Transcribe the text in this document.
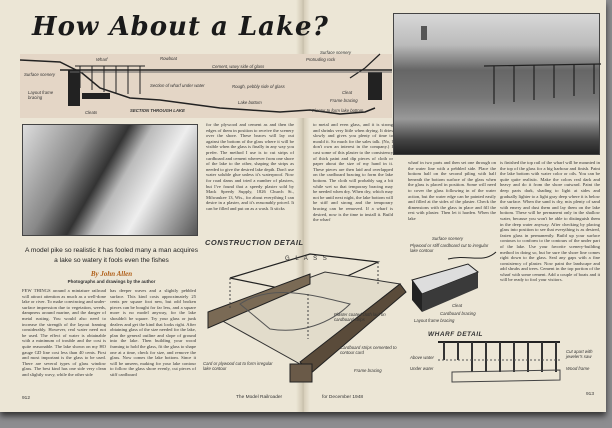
How About a Lake?
Wharf	Rowboat
Cement, wavy side of glass
Surface scenery
Section of wharf under water	Rough, pebbly side of glass
Layout frame bracing
Lake bottom
Cleats
Surface scenery
Protruding rock
Cleat
Frame bracing
Plaster to form lake bottom
SECTION THROUGH LAKE
A model pike so realistic it has fooled many a man acquires a lake so watery it fools even the fishes
By John Allen
Photographs and drawings by the author
FEW THINGS around a miniature railroad will attract attention as much as a well-done lake or river. To make convincing and under-surface impression due to vegetation, weeds, dampness around marine, and the danger of metal rusting. You would also need to increase the strength of the layout framing considerably. However, real water need not be used. The effect of water is obtainable with a minimum of trouble and the cost is quite reasonable. The lake shown on my HO gauge GD line cost less than 40 cents. First and most important is the glass to be used. There are several types of glass window glass. The best kind has one side very clean and slightly wavy, while the other side
has deeper waves and a slightly pebbled surface. This kind costs approximately 25 cents per square foot new, but odd broken pieces can be bought for far less, and a square more is no model anyway, for the lake shouldn't be square. Try your glass or junk dealers and get the kind that looks right. After obtaining glass of the size needed for the lake, plan the general outline and slope of ground into the lake. Then building your wood framing to hold the glass, fit the glass to shape one at a time, check for size, and remove the glass. Now comes the lake bottom. Since it will be unseen, making for your lake contour to follow the glass shore evenly, cut pieces of stiff cardboard
for the plywood and cement as and then the edges of them in position to receive the scenery over the shore. These braces will lay out against the bottom of the glass where it will be visible when the glass is finally in any way you prefer. The method I use is to cut strips of cardboard and cement wherever from one shore of the lake to the other, shaping the strips as needed to give the desired lake depth. Don't use water soluble glue unless it's waterproof. Now for road dams and tried a number of plasters, but I've found that a speedy plaster sold by Mack Speedy Supply, 1826 Church St., Milwaukee 13, Wis., for about everything I can desire in a plaster, and it's reasonably priced. It can be filled and put on as a wash. It sticks
to metal and even glass, and it is strong and shrinks very little when drying. It dries slowly and gives you plenty of time to mould it. So much for the sales talk. (No, I don't own an interest in the company.) I cast some of this plaster to the consistency of thick paint and dip pieces of cloth or paper about the size of my hand in it. These pieces are then laid and overlapped on the cardboard bracing to form the lake bottom. The cloth will probably sag a bit while wet so that temporary bracing may be needed when dry. When dry, which may not be until next night, the lake bottom will be stiff and strong and the temporary bracing can be removed. If a wharf is desired, now is the time to install it. Build the wharf
wharf in two parts and then set one through on the water line with a pebbled side. Place the bottom half on the second piling with half beneath the bottom surface of the glass when the glass is placed in position. Some will need to cover the glass following in of the water action, but the water edge can be painted easily and filled at the sides of the plaster. Check the dimensions with the glass in place and fill the rest with plaster. Then let it harden. When the lake
is finished the top rail of the wharf will be mounted in the top of the glass for a big harbour and finish. Paint the lake bottom with water color or oils. You can be quite quite realistic. Make the colors real dark and heavy and do it from the shore outward. Paint the deep parts dark, shading to light at sides and gradually lighter to a light gray deep where it is below the surface. When the sand is dry, mix plenty of sand with emery and dust them and lay them on the lake bottom. These will be permanent only in the shallow water, because you won't be able to distinguish them in the deep water anyway. After checking by placing glass into position to see that everything is as desired, fasten glass in permanently. Build up your surface contours to conform to the contours of the under part of the lake. Use your favorite scenery-building method in doing so, but be sure the shore line comes right down to the glass. Seal any gaps with a fine consistency of plaster. Now paint the landscape and add shrubs and trees. Cement in the top portion of the wharf with some cement. Add a couple of boats and it will be ready to fool your visitors.
CONSTRUCTION DETAIL
G L A S S
Plaster coated cloth laid on cardboard strips
Cardboard strips cemented to contour card
Card or plywood cut to form irregular lake contour	Frame bracing
Surface scenery
Plywood or stiff cardboard cut to irregular lake contour
Cleat
Cardboard bracing
Layout frame bracing
WHARF DETAIL
Above water
Under water
Cut apart with jeweler's saw
Wood frame
912	The Model Railroader	for December 1948
913
